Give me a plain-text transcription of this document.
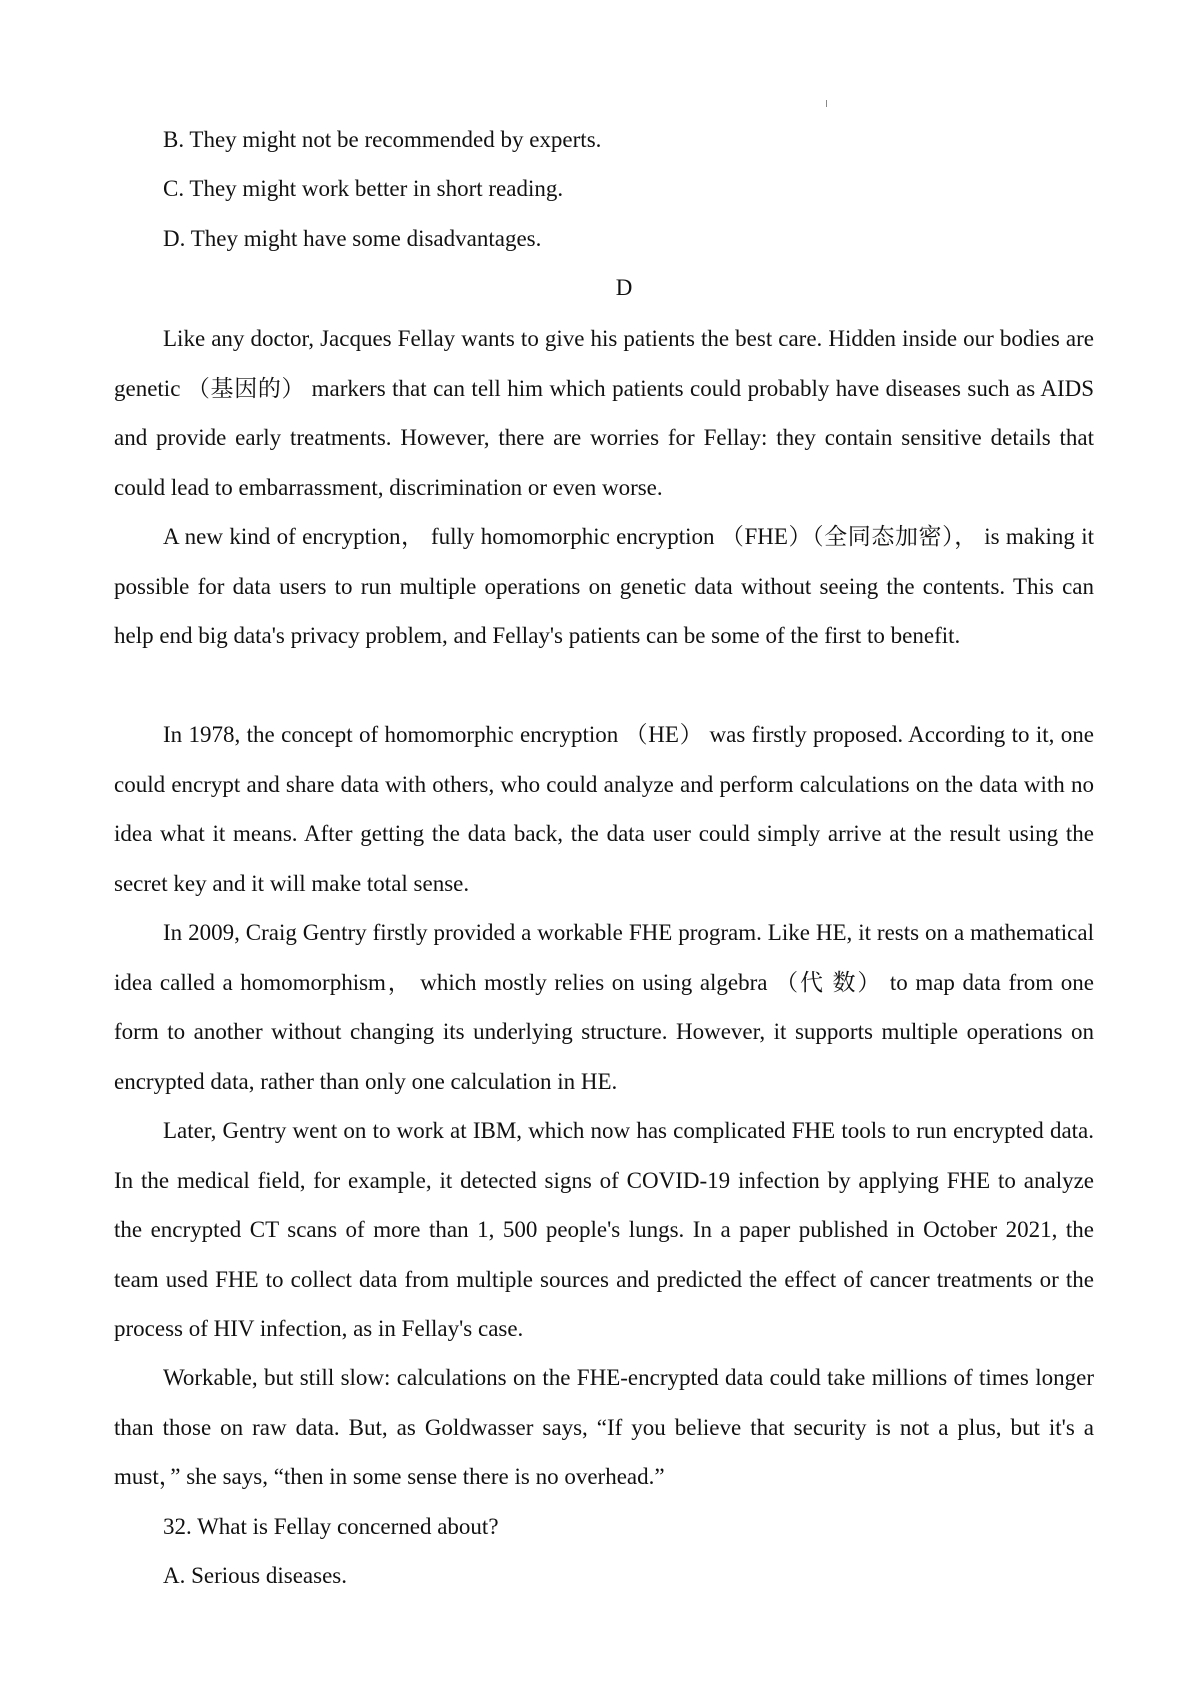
B. They might not be recommended by experts.
C. They might work better in short reading.
D. They might have some disadvantages.
D
Like any doctor, Jacques Fellay wants to give his patients the best care. Hidden inside our bodies are genetic （基因的） markers that can tell him which patients could probably have diseases such as AIDS and provide early treatments. However, there are worries for Fellay: they contain sensitive details that could lead to embarrassment, discrimination or even worse.
A new kind of encryption， fully homomorphic encryption （FHE）（全同态加密）， is making it possible for data users to run multiple operations on genetic data without seeing the contents. This can help end big data's privacy problem, and Fellay's patients can be some of the first to benefit.
In 1978, the concept of homomorphic encryption （HE） was firstly proposed. According to it, one could encrypt and share data with others, who could analyze and perform calculations on the data with no idea what it means. After getting the data back, the data user could simply arrive at the result using the secret key and it will make total sense.
In 2009, Craig Gentry firstly provided a workable FHE program. Like HE, it rests on a mathematical idea called a homomorphism， which mostly relies on using algebra （代 数） to map data from one form to another without changing its underlying structure. However, it supports multiple operations on encrypted data, rather than only one calculation in HE.
Later, Gentry went on to work at IBM, which now has complicated FHE tools to run encrypted data. In the medical field, for example, it detected signs of COVID-19 infection by applying FHE to analyze the encrypted CT scans of more than 1, 500 people's lungs. In a paper published in October 2021, the team used FHE to collect data from multiple sources and predicted the effect of cancer treatments or the process of HIV infection, as in Fellay's case.
Workable, but still slow: calculations on the FHE-encrypted data could take millions of times longer than those on raw data. But, as Goldwasser says, “If you believe that security is not a plus, but it's a must，” she says, “then in some sense there is no overhead.”
32. What is Fellay concerned about?
A. Serious diseases.
